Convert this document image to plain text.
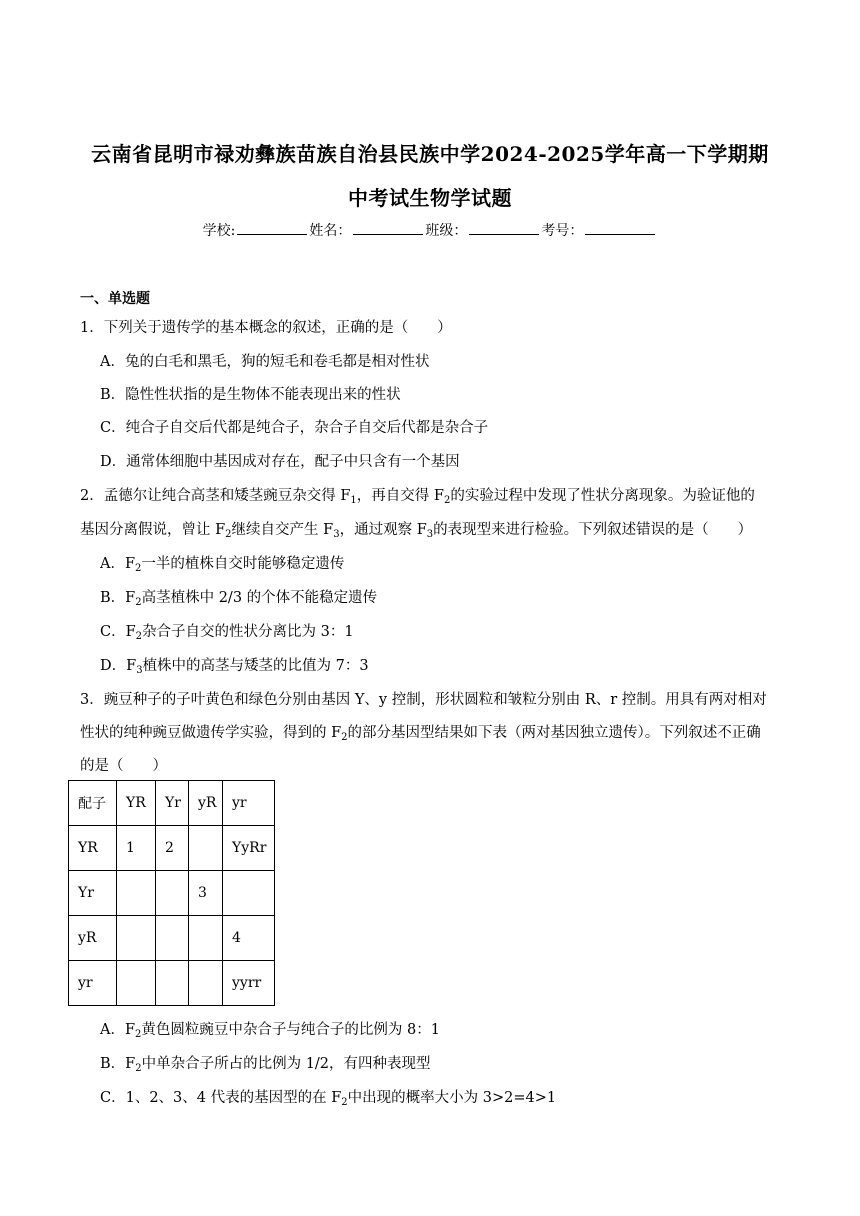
云南省昆明市禄劝彝族苗族自治县民族中学2024-2025学年高一下学期期
中考试生物学试题
学校:	姓名：	班级：	考号：
一、单选题
1．下列关于遗传学的基本概念的叙述，正确的是（　　）
A．兔的白毛和黑毛，狗的短毛和卷毛都是相对性状
B．隐性性状指的是生物体不能表现出来的性状
C．纯合子自交后代都是纯合子，杂合子自交后代都是杂合子
D．通常体细胞中基因成对存在，配子中只含有一个基因
2．孟德尔让纯合高茎和矮茎豌豆杂交得 $F_1$，再自交得 $F_2$的实验过程中发现了性状分离现象。为验证他的
基因分离假说，曾让 $F_2$继续自交产生 $F_3$，通过观察 $F_3$的表现型来进行检验。下列叙述错误的是（　　）
A．$F_2$一半的植株自交时能够稳定遗传
B．$F_2$高茎植株中 2/3 的个体不能稳定遗传
C．$F_2$杂合子自交的性状分离比为 3：1
D．$F_3$植株中的高茎与矮茎的比值为 7：3
3．豌豆种子的子叶黄色和绿色分别由基因 Y、y 控制，形状圆粒和皱粒分别由 R、r 控制。用具有两对相对
性状的纯种豌豆做遗传学实验，得到的 $F_2$的部分基因型结果如下表（两对基因独立遗传）。下列叙述不正确
的是（　　）
配子	YR	Yr	yR	yr
YR	1	2		YyRr
Yr			3	
yR				4
yr				yyrr
A．$F_2$黄色圆粒豌豆中杂合子与纯合子的比例为 8：1
B．$F_2$中单杂合子所占的比例为 1/2，有四种表现型
C．1、2、3、4 代表的基因型的在 $F_2$中出现的概率大小为 3>2=4>1
